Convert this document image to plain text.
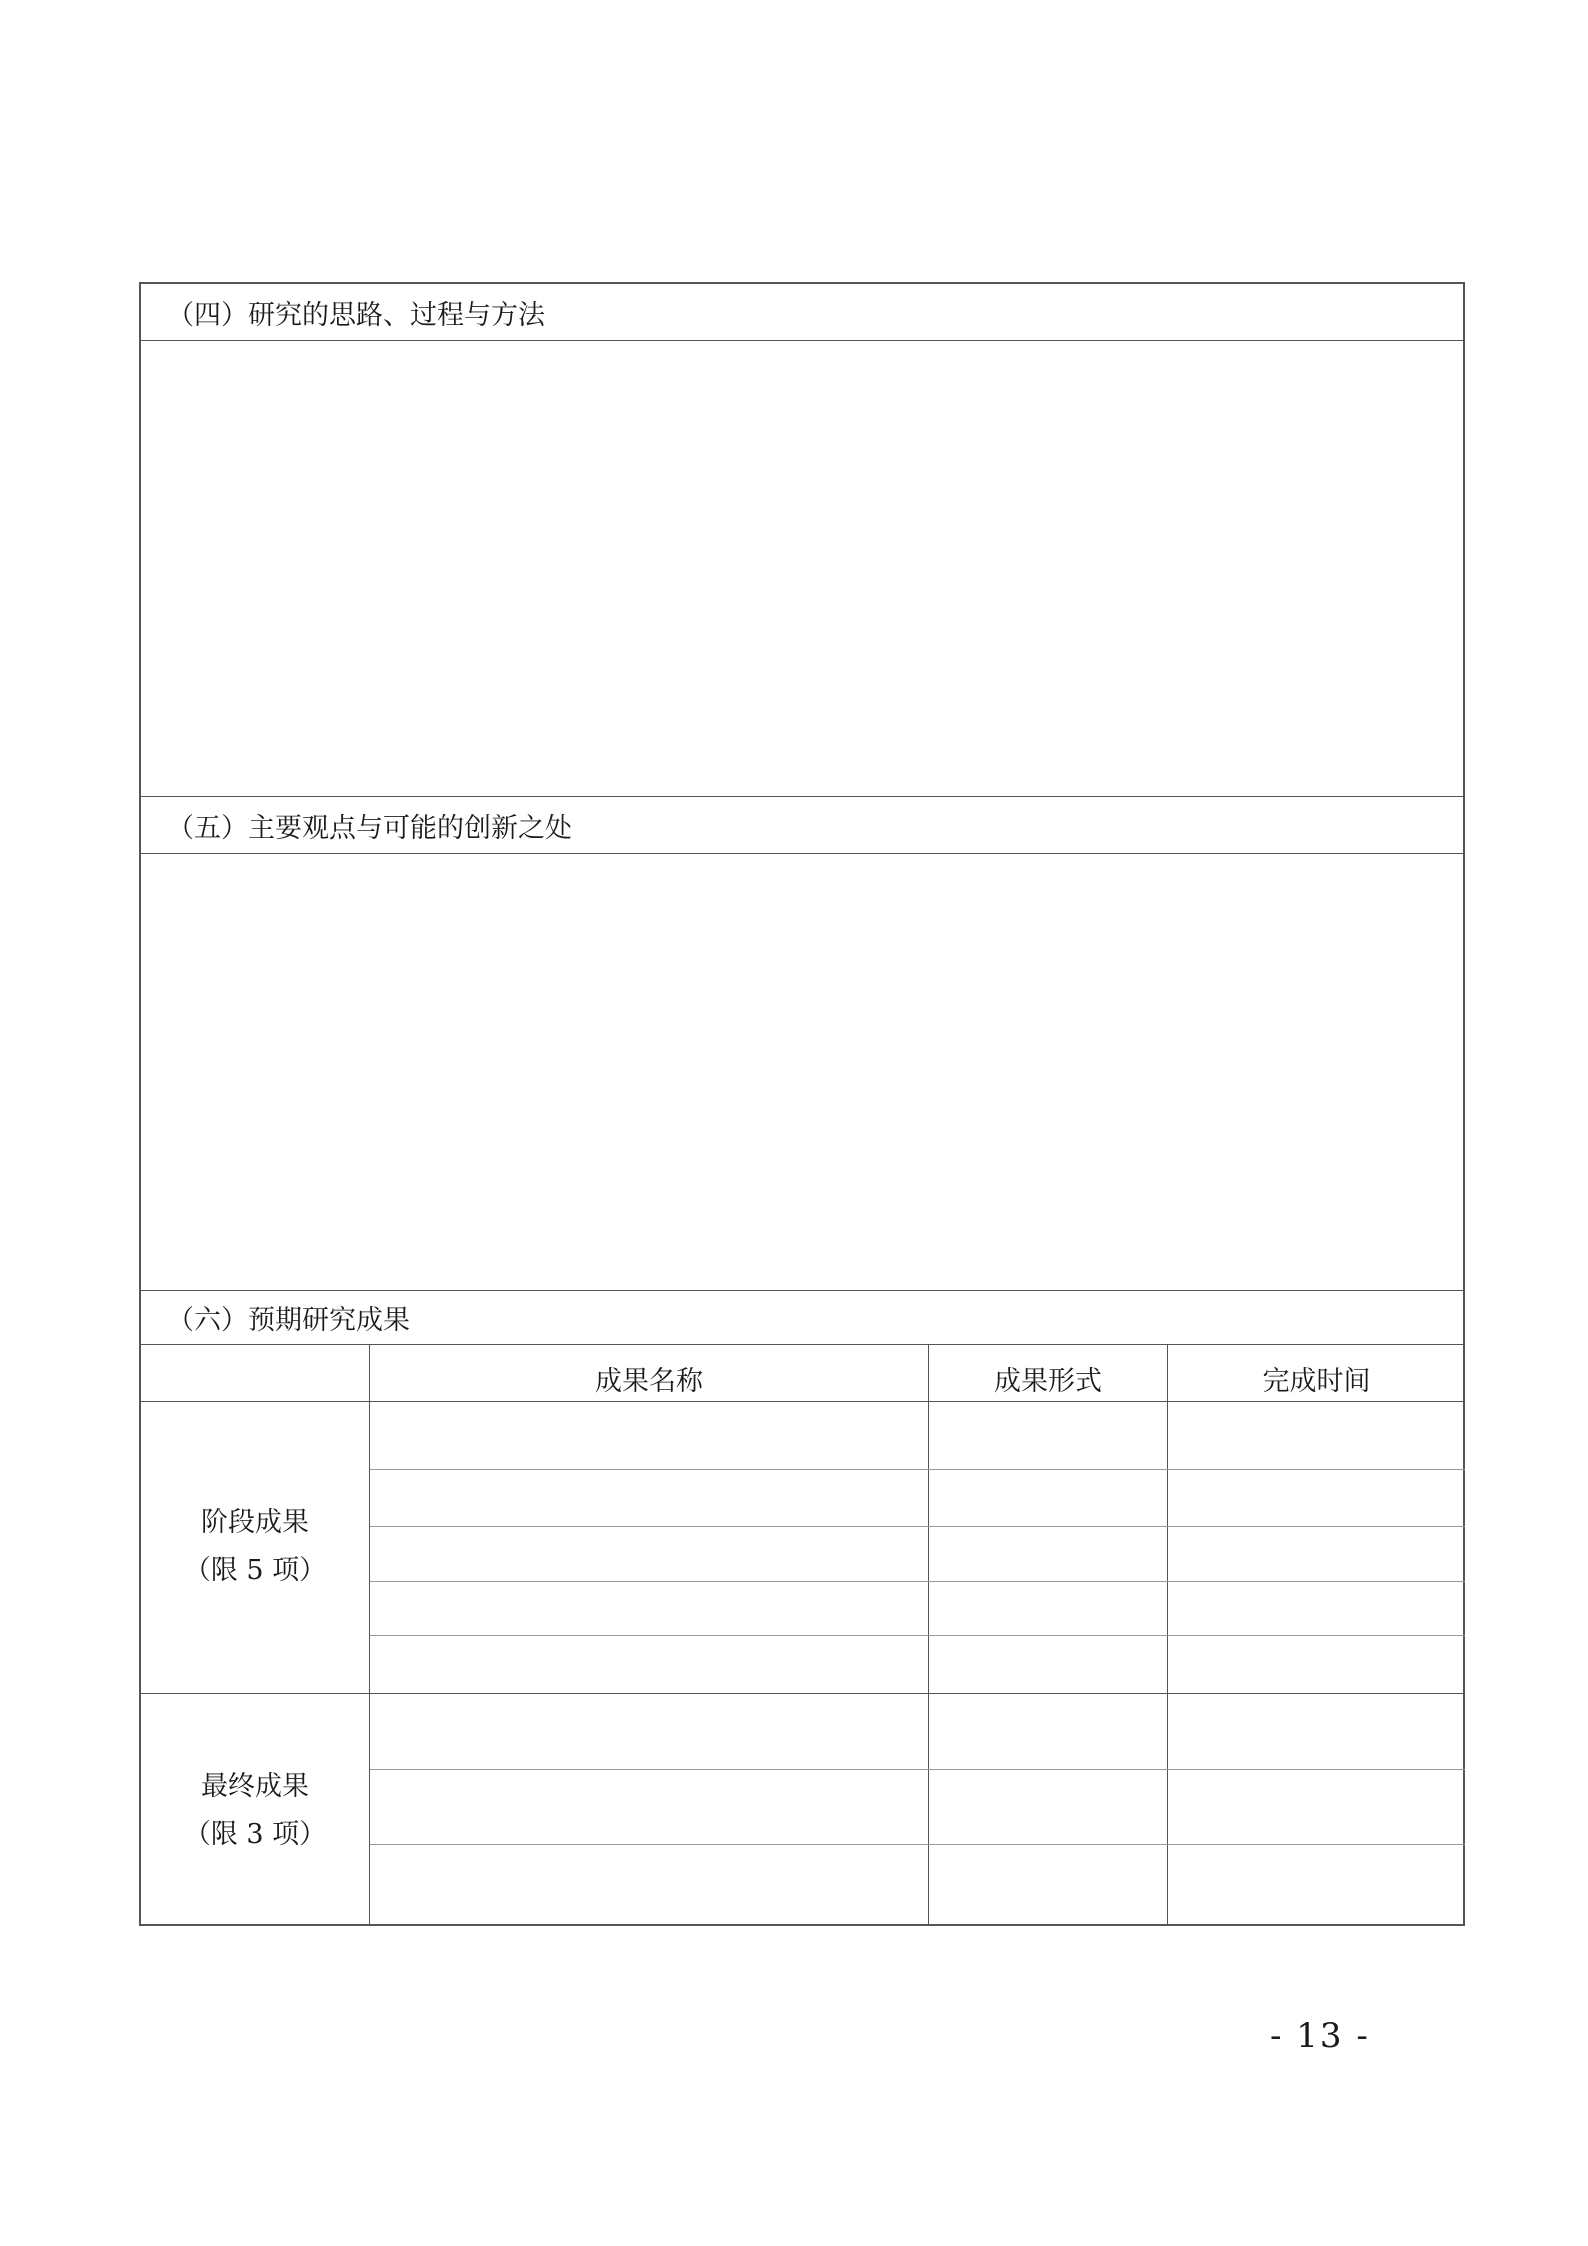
（四）研究的思路、过程与方法
（五）主要观点与可能的创新之处
（六）预期研究成果
成果名称	成果形式	完成时间
阶段成果
（限 5 项）
最终成果
（限 3 项）
- 13 -
